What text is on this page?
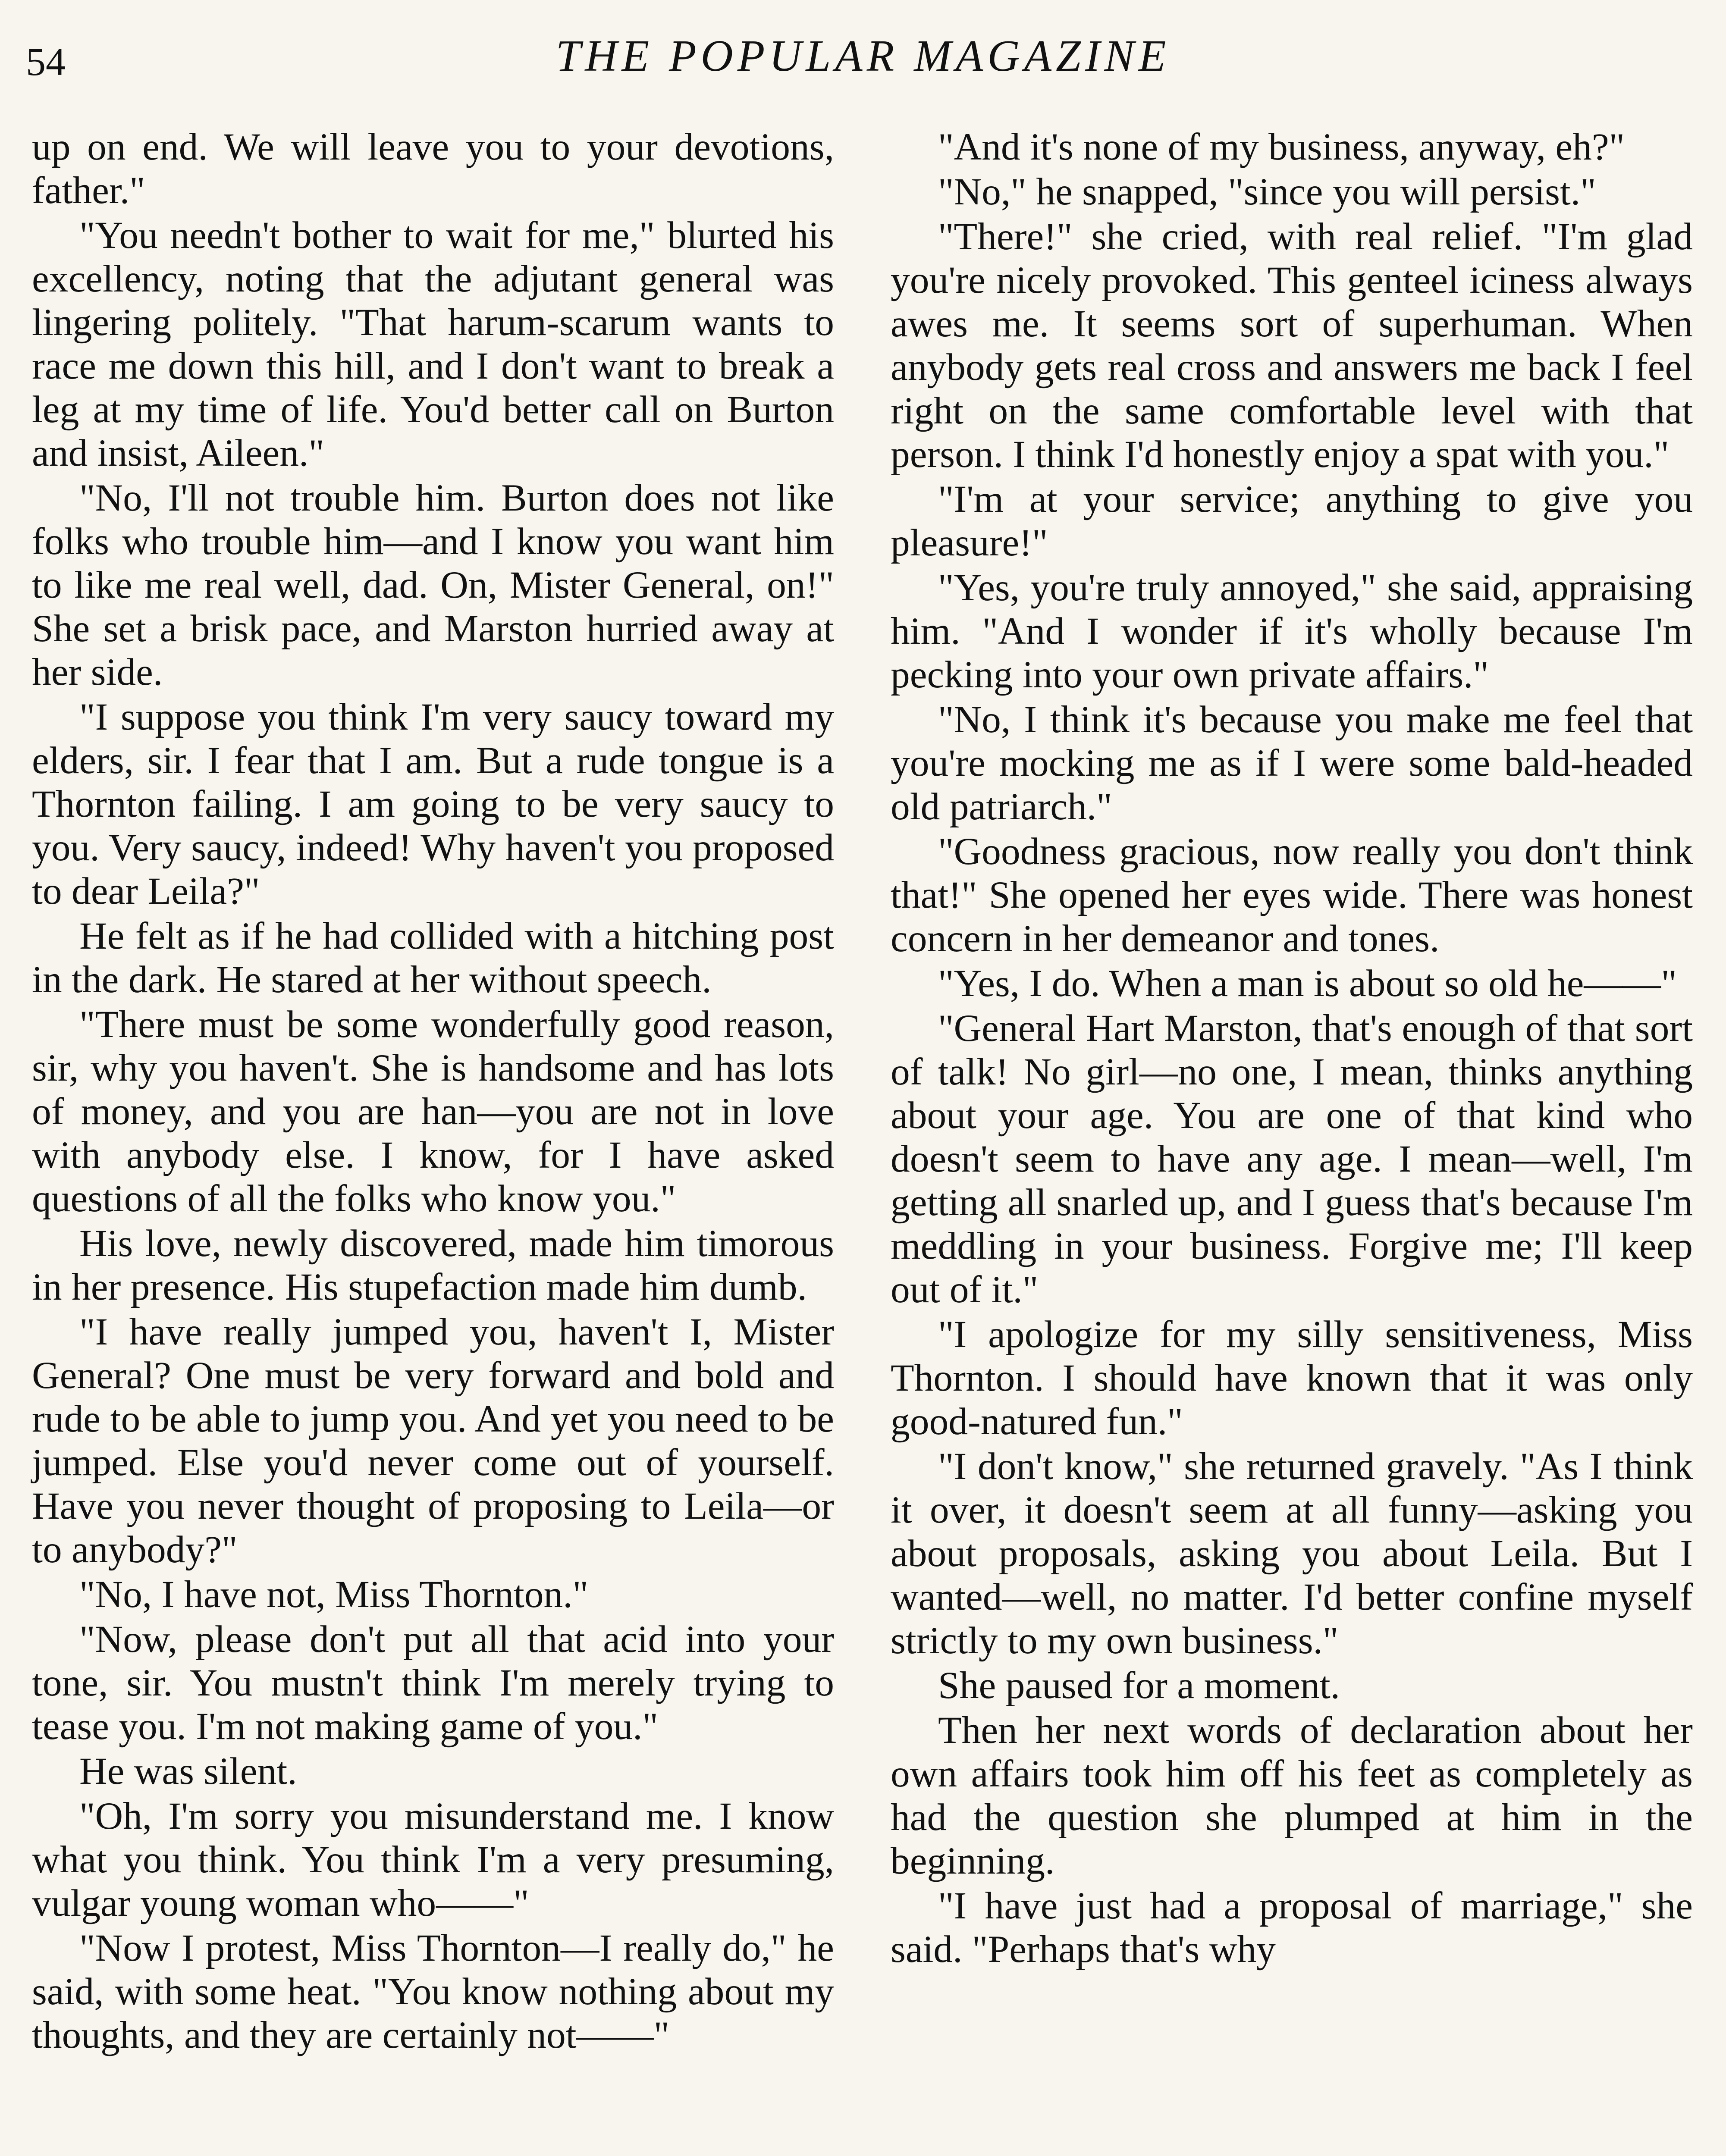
54	THE POPULAR MAGAZINE

up on end. We will leave you to your devotions, father."

"You needn't bother to wait for me," blurted his excellency, noting that the adjutant general was lingering politely. "That harum-scarum wants to race me down this hill, and I don't want to break a leg at my time of life. You'd better call on Burton and insist, Aileen."

"No, I'll not trouble him. Burton does not like folks who trouble him—and I know you want him to like me real well, dad. On, Mister General, on!" She set a brisk pace, and Marston hurried away at her side.

"I suppose you think I'm very saucy toward my elders, sir. I fear that I am. But a rude tongue is a Thornton failing. I am going to be very saucy to you. Very saucy, indeed! Why haven't you proposed to dear Leila?"

He felt as if he had collided with a hitching post in the dark. He stared at her without speech.

"There must be some wonderfully good reason, sir, why you haven't. She is handsome and has lots of money, and you are han—you are not in love with anybody else. I know, for I have asked questions of all the folks who know you."

His love, newly discovered, made him timorous in her presence. His stupefaction made him dumb.

"I have really jumped you, haven't I, Mister General? One must be very forward and bold and rude to be able to jump you. And yet you need to be jumped. Else you'd never come out of yourself. Have you never thought of proposing to Leila—or to anybody?"

"No, I have not, Miss Thornton."

"Now, please don't put all that acid into your tone, sir. You mustn't think I'm merely trying to tease you. I'm not making game of you."

He was silent.

"Oh, I'm sorry you misunderstand me. I know what you think. You think I'm a very presuming, vulgar young woman who——"

"Now I protest, Miss Thornton—I really do," he said, with some heat. "You know nothing about my thoughts, and they are certainly not——"

"And it's none of my business, anyway, eh?"

"No," he snapped, "since you will persist."

"There!" she cried, with real relief. "I'm glad you're nicely provoked. This genteel iciness always awes me. It seems sort of superhuman. When anybody gets real cross and answers me back I feel right on the same comfortable level with that person. I think I'd honestly enjoy a spat with you."

"I'm at your service; anything to give you pleasure!"

"Yes, you're truly annoyed," she said, appraising him. "And I wonder if it's wholly because I'm pecking into your own private affairs."

"No, I think it's because you make me feel that you're mocking me as if I were some bald-headed old patriarch."

"Goodness gracious, now really you don't think that!" She opened her eyes wide. There was honest concern in her demeanor and tones.

"Yes, I do. When a man is about so old he——"

"General Hart Marston, that's enough of that sort of talk! No girl—no one, I mean, thinks anything about your age. You are one of that kind who doesn't seem to have any age. I mean—well, I'm getting all snarled up, and I guess that's because I'm meddling in your business. Forgive me; I'll keep out of it."

"I apologize for my silly sensitiveness, Miss Thornton. I should have known that it was only good-natured fun."

"I don't know," she returned gravely. "As I think it over, it doesn't seem at all funny—asking you about proposals, asking you about Leila. But I wanted—well, no matter. I'd better confine myself strictly to my own business."

She paused for a moment.

Then her next words of declaration about her own affairs took him off his feet as completely as had the question she plumped at him in the beginning.

"I have just had a proposal of marriage," she said. "Perhaps that's why
